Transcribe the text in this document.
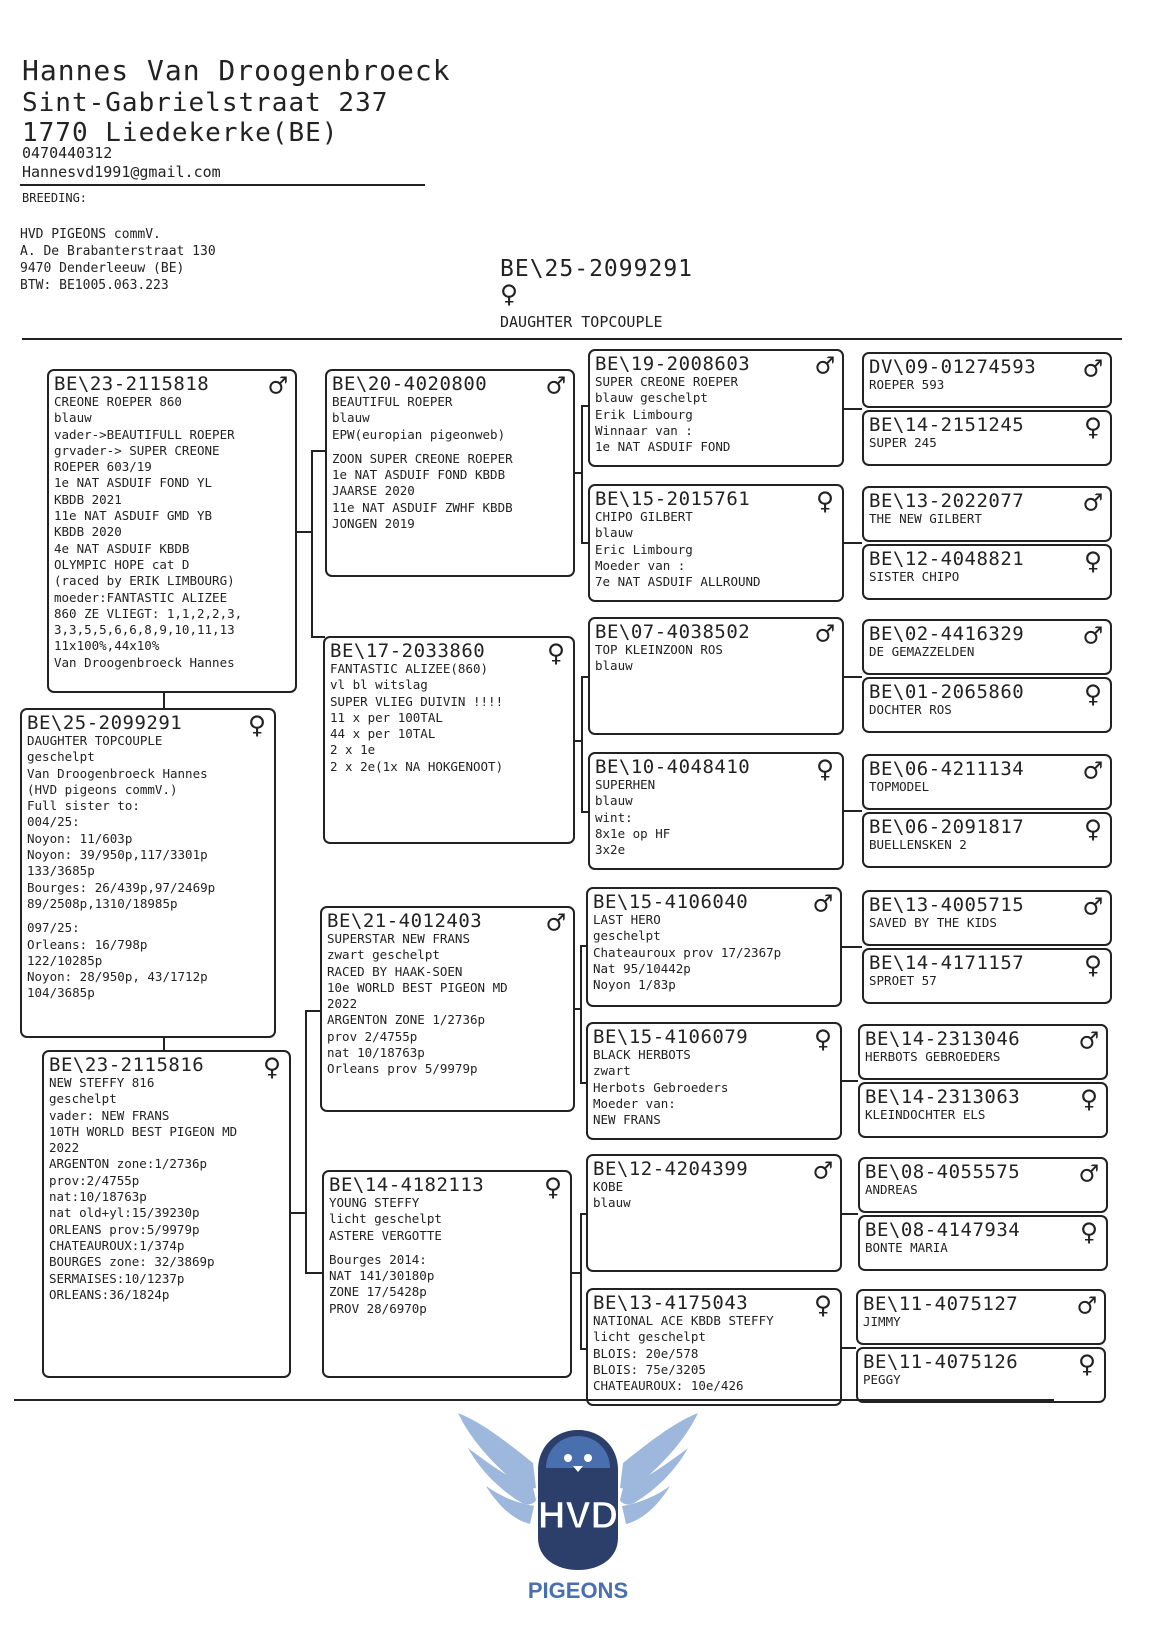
Hannes Van Droogenbroeck
Sint-Gabrielstraat 237
1770 Liedekerke(BE)
0470440312
Hannesvd1991@gmail.com
BREEDING:
HVD PIGEONS commV.
A. De Brabanterstraat 130
9470 Denderleeuw (BE)
BTW: BE1005.063.223
BE\25-2099291
♀
DAUGHTER TOPCOUPLE
BE\25-2099291	♀
DAUGHTER TOPCOUPLE
geschelpt
Van Droogenbroeck Hannes
(HVD pigeons commV.)
Full sister to:
004/25:
Noyon: 11/603p
Noyon: 39/950p,117/3301p
133/3685p
Bourges: 26/439p,97/2469p
89/2508p,1310/18985p
097/25:
Orleans: 16/798p
122/10285p
Noyon: 28/950p, 43/1712p
104/3685p
BE\23-2115818	♂
CREONE ROEPER 860
blauw
vader->BEAUTIFULL ROEPER
grvader-> SUPER CREONE
ROEPER 603/19
1e NAT ASDUIF FOND YL
KBDB 2021
11e NAT ASDUIF GMD YB
KBDB 2020
4e NAT ASDUIF KBDB
OLYMPIC HOPE cat D
(raced by ERIK LIMBOURG)
moeder:FANTASTIC ALIZEE
860 ZE VLIEGT: 1,1,2,2,3,
3,3,5,5,6,6,8,9,10,11,13
11x100%,44x10%
Van Droogenbroeck Hannes
BE\23-2115816	♀
NEW STEFFY 816
geschelpt
vader: NEW FRANS
10TH WORLD BEST PIGEON MD
2022
ARGENTON zone:1/2736p
prov:2/4755p
nat:10/18763p
nat old+yl:15/39230p
ORLEANS prov:5/9979p
CHATEAUROUX:1/374p
BOURGES zone: 32/3869p
SERMAISES:10/1237p
ORLEANS:36/1824p
BE\20-4020800	♂
BEAUTIFUL ROEPER
blauw
EPW(europian pigeonweb)
ZOON SUPER CREONE ROEPER
1e NAT ASDUIF FOND KBDB
JAARSE 2020
11e NAT ASDUIF ZWHF KBDB
JONGEN 2019
BE\17-2033860	♀
FANTASTIC ALIZEE(860)
vl bl witslag
SUPER VLIEG DUIVIN !!!!
11 x per 100TAL
44 x per 10TAL
2 x 1e
2 x 2e(1x NA HOKGENOOT)
BE\21-4012403	♂
SUPERSTAR NEW FRANS
zwart geschelpt
RACED BY HAAK-SOEN
10e WORLD BEST PIGEON MD
2022
ARGENTON ZONE 1/2736p
prov 2/4755p
nat 10/18763p
Orleans prov 5/9979p
BE\14-4182113	♀
YOUNG STEFFY
licht geschelpt
ASTERE VERGOTTE
Bourges 2014:
NAT 141/30180p
ZONE 17/5428p
PROV 28/6970p
BE\19-2008603	♂
SUPER CREONE ROEPER
blauw geschelpt
Erik Limbourg
Winnaar van :
1e NAT ASDUIF FOND
BE\15-2015761	♀
CHIPO GILBERT
blauw
Eric Limbourg
Moeder van :
7e NAT ASDUIF ALLROUND
BE\07-4038502	♂
TOP KLEINZOON ROS
blauw
BE\10-4048410	♀
SUPERHEN
blauw
wint:
8x1e op HF
3x2e
BE\15-4106040	♂
LAST HERO
geschelpt
Chateauroux prov 17/2367p
Nat 95/10442p
Noyon 1/83p
BE\15-4106079	♀
BLACK HERBOTS
zwart
Herbots Gebroeders
Moeder van:
NEW FRANS
BE\12-4204399	♂
KOBE
blauw
BE\13-4175043	♀
NATIONAL ACE KBDB STEFFY
licht geschelpt
BLOIS: 20e/578
BLOIS: 75e/3205
CHATEAUROUX: 10e/426
DV\09-01274593	♂
ROEPER 593
BE\14-2151245	♀
SUPER 245
BE\13-2022077	♂
THE NEW GILBERT
BE\12-4048821	♀
SISTER CHIPO
BE\02-4416329	♂
DE GEMAZZELDEN
BE\01-2065860	♀
DOCHTER ROS
BE\06-4211134	♂
TOPMODEL
BE\06-2091817	♀
BUELLENSKEN 2
BE\13-4005715	♂
SAVED BY THE KIDS
BE\14-4171157	♀
SPROET 57
BE\14-2313046	♂
HERBOTS GEBROEDERS
BE\14-2313063	♀
KLEINDOCHTER ELS
BE\08-4055575	♂
ANDREAS
BE\08-4147934	♀
BONTE MARIA
BE\11-4075127	♂
JIMMY
BE\11-4075126	♀
PEGGY
HVD
PIGEONS
